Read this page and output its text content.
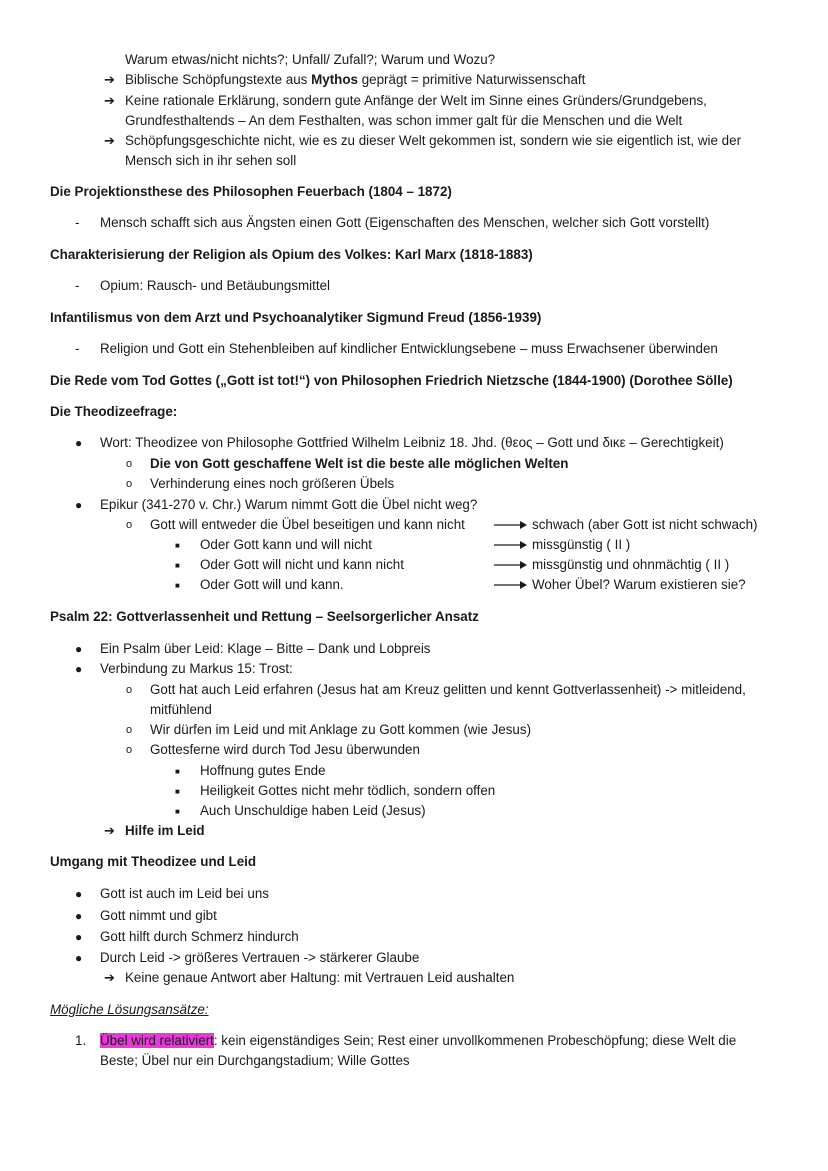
Warum etwas/nicht nichts?; Unfall/ Zufall?; Warum und Wozu?
➔ Biblische Schöpfungstexte aus Mythos geprägt = primitive Naturwissenschaft
➔ Keine rationale Erklärung, sondern gute Anfänge der Welt im Sinne eines Gründers/Grundgebens,
Grundfesthaltends – An dem Festhalten, was schon immer galt für die Menschen und die Welt
➔ Schöpfungsgeschichte nicht, wie es zu dieser Welt gekommen ist, sondern wie sie eigentlich ist, wie der
Mensch sich in ihr sehen soll
Die Projektionsthese des Philosophen Feuerbach (1804 – 1872)
- Mensch schafft sich aus Ängsten einen Gott (Eigenschaften des Menschen, welcher sich Gott vorstellt)
Charakterisierung der Religion als Opium des Volkes: Karl Marx (1818-1883)
- Opium: Rausch- und Betäubungsmittel
Infantilismus von dem Arzt und Psychoanalytiker Sigmund Freud (1856-1939)
- Religion und Gott ein Stehenbleiben auf kindlicher Entwicklungsebene – muss Erwachsener überwinden
Die Rede vom Tod Gottes („Gott ist tot!“) von Philosophen Friedrich Nietzsche (1844-1900) (Dorothee Sölle)
Die Theodizeefrage:
● Wort: Theodizee von Philosophe Gottfried Wilhelm Leibniz 18. Jhd. (θεος – Gott und δικε – Gerechtigkeit)
o Die von Gott geschaffene Welt ist die beste alle möglichen Welten
o Verhinderung eines noch größeren Übels
● Epikur (341-270 v. Chr.) Warum nimmt Gott die Übel nicht weg?
o Gott will entweder die Übel beseitigen und kann nicht	schwach (aber Gott ist nicht schwach)
■ Oder Gott kann und will nicht	missgünstig ( II )
■ Oder Gott will nicht und kann nicht	missgünstig und ohnmächtig ( II )
■ Oder Gott will und kann.	Woher Übel? Warum existieren sie?
Psalm 22: Gottverlassenheit und Rettung – Seelsorgerlicher Ansatz
● Ein Psalm über Leid: Klage – Bitte – Dank und Lobpreis
● Verbindung zu Markus 15: Trost:
o Gott hat auch Leid erfahren (Jesus hat am Kreuz gelitten und kennt Gottverlassenheit) -> mitleidend,
mitfühlend
o Wir dürfen im Leid und mit Anklage zu Gott kommen (wie Jesus)
o Gottesferne wird durch Tod Jesu überwunden
■ Hoffnung gutes Ende
■ Heiligkeit Gottes nicht mehr tödlich, sondern offen
■ Auch Unschuldige haben Leid (Jesus)
➔ Hilfe im Leid
Umgang mit Theodizee und Leid
● Gott ist auch im Leid bei uns
● Gott nimmt und gibt
● Gott hilft durch Schmerz hindurch
● Durch Leid -> größeres Vertrauen -> stärkerer Glaube
➔ Keine genaue Antwort aber Haltung: mit Vertrauen Leid aushalten
Mögliche Lösungsansätze:
1. Übel wird relativiert: kein eigenständiges Sein; Rest einer unvollkommenen Probeschöpfung; diese Welt die
Beste; Übel nur ein Durchgangstadium; Wille Gottes
